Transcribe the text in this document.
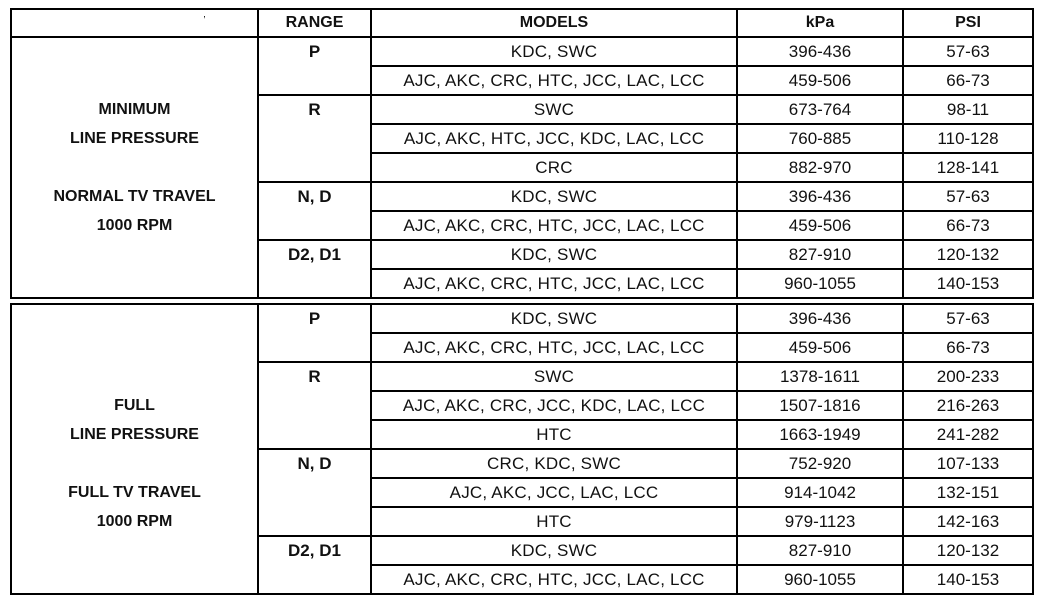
’	RANGE	MODELS	kPa	PSI

MINIMUM
LINE PRESSURE
NORMAL TV TRAVEL
1000 RPM	P	KDC, SWC	396-436	57-63
		AJC, AKC, CRC, HTC, JCC, LAC, LCC	459-506	66-73
	R	SWC	673-764	98-11
		AJC, AKC, HTC, JCC, KDC, LAC, LCC	760-885	110-128
		CRC	882-970	128-141
	N, D	KDC, SWC	396-436	57-63
		AJC, AKC, CRC, HTC, JCC, LAC, LCC	459-506	66-73
	D2, D1	KDC, SWC	827-910	120-132
		AJC, AKC, CRC, HTC, JCC, LAC, LCC	960-1055	140-153

FULL
LINE PRESSURE
FULL TV TRAVEL
1000 RPM	P	KDC, SWC	396-436	57-63
		AJC, AKC, CRC, HTC, JCC, LAC, LCC	459-506	66-73
	R	SWC	1378-1611	200-233
		AJC, AKC, CRC, JCC, KDC, LAC, LCC	1507-1816	216-263
		HTC	1663-1949	241-282
	N, D	CRC, KDC, SWC	752-920	107-133
		AJC, AKC, JCC, LAC, LCC	914-1042	132-151
		HTC	979-1123	142-163
	D2, D1	KDC, SWC	827-910	120-132
		AJC, AKC, CRC, HTC, JCC, LAC, LCC	960-1055	140-153
